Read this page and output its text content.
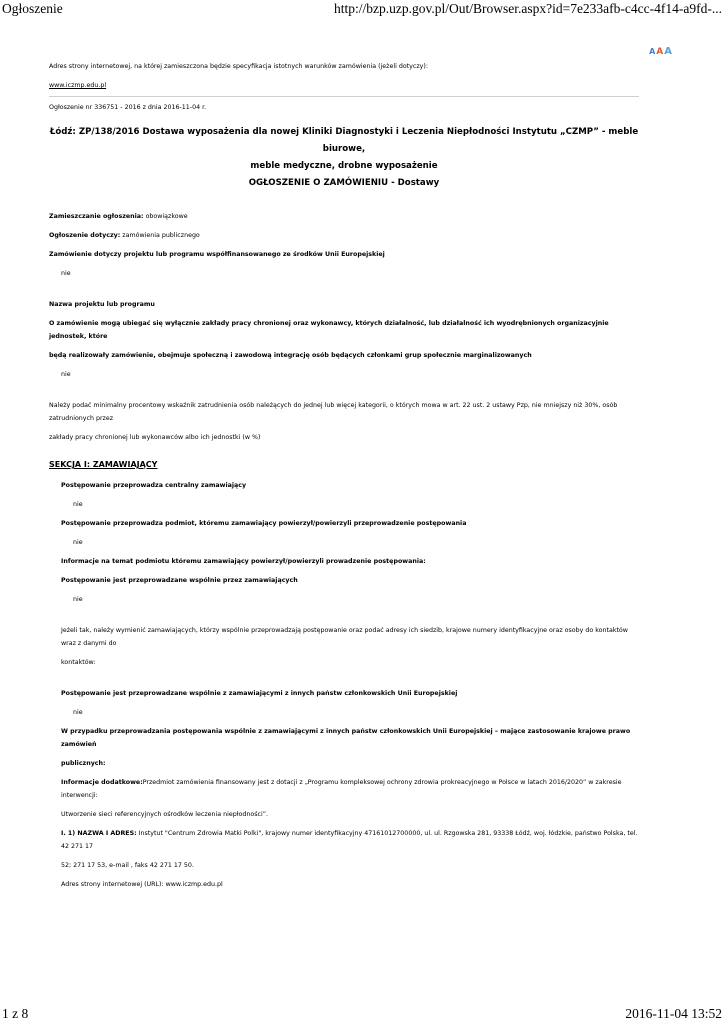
Ogłoszenie	http://bzp.uzp.gov.pl/Out/Browser.aspx?id=7e233afb-c4cc-4f14-a9fd-...
A A A
Adres strony internetowej, na której zamieszczona będzie specyfikacja istotnych warunków zamówienia (jeżeli dotyczy):
www.iczmp.edu.pl
Ogłoszenie nr 336751 - 2016 z dnia 2016-11-04 r.
Łódź: ZP/138/2016 Dostawa wyposażenia dla nowej Kliniki Diagnostyki i Leczenia Niepłodności Instytutu „CZMP” - meble biurowe,
meble medyczne, drobne wyposażenie
OGŁOSZENIE O ZAMÓWIENIU - Dostawy
Zamieszczanie ogłoszenia: obowiązkowe
Ogłoszenie dotyczy: zamówienia publicznego
Zamówienie dotyczy projektu lub programu współfinansowanego ze środków Unii Europejskiej
nie
Nazwa projektu lub programu
O zamówienie mogą ubiegać się wyłącznie zakłady pracy chronionej oraz wykonawcy, których działalność, lub działalność ich wyodrębnionych organizacyjnie jednostek, które
będą realizowały zamówienie, obejmuje społeczną i zawodową integrację osób będących członkami grup społecznie marginalizowanych
nie
Należy podać minimalny procentowy wskaźnik zatrudnienia osób należących do jednej lub więcej kategorii, o których mowa w art. 22 ust. 2 ustawy Pzp, nie mniejszy niż 30%, osób zatrudnionych przez
zakłady pracy chronionej lub wykonawców albo ich jednostki (w %)
SEKCJA I: ZAMAWIAJĄCY
Postępowanie przeprowadza centralny zamawiający
nie
Postępowanie przeprowadza podmiot, któremu zamawiający powierzył/powierzyli przeprowadzenie postępowania
nie
Informacje na temat podmiotu któremu zamawiający powierzył/powierzyli prowadzenie postępowania:
Postępowanie jest przeprowadzane wspólnie przez zamawiających
nie
Jeżeli tak, należy wymienić zamawiających, którzy wspólnie przeprowadzają postępowanie oraz podać adresy ich siedzib, krajowe numery identyfikacyjne oraz osoby do kontaktów wraz z danymi do
kontaktów:
Postępowanie jest przeprowadzane wspólnie z zamawiającymi z innych państw członkowskich Unii Europejskiej
nie
W przypadku przeprowadzania postępowania wspólnie z zamawiającymi z innych państw członkowskich Unii Europejskiej – mające zastosowanie krajowe prawo zamówień
publicznych:
Informacje dodatkowe:Przedmiot zamówienia finansowany jest z dotacji z „Programu kompleksowej ochrony zdrowia prokreacyjnego w Polsce w latach 2016/2020” w zakresie interwencji:
Utworzenie sieci referencyjnych ośrodków leczenia niepłodności”.
I. 1) NAZWA I ADRES: Instytut "Centrum Zdrowia Matki Polki", krajowy numer identyfikacyjny 47161012700000, ul. ul. Rzgowska 281, 93338 Łódź, woj. łódzkie, państwo Polska, tel. 42 271 17
52; 271 17 53, e-mail , faks 42 271 17 50.
Adres strony internetowej (URL): www.iczmp.edu.pl
1 z 8	2016-11-04 13:52
